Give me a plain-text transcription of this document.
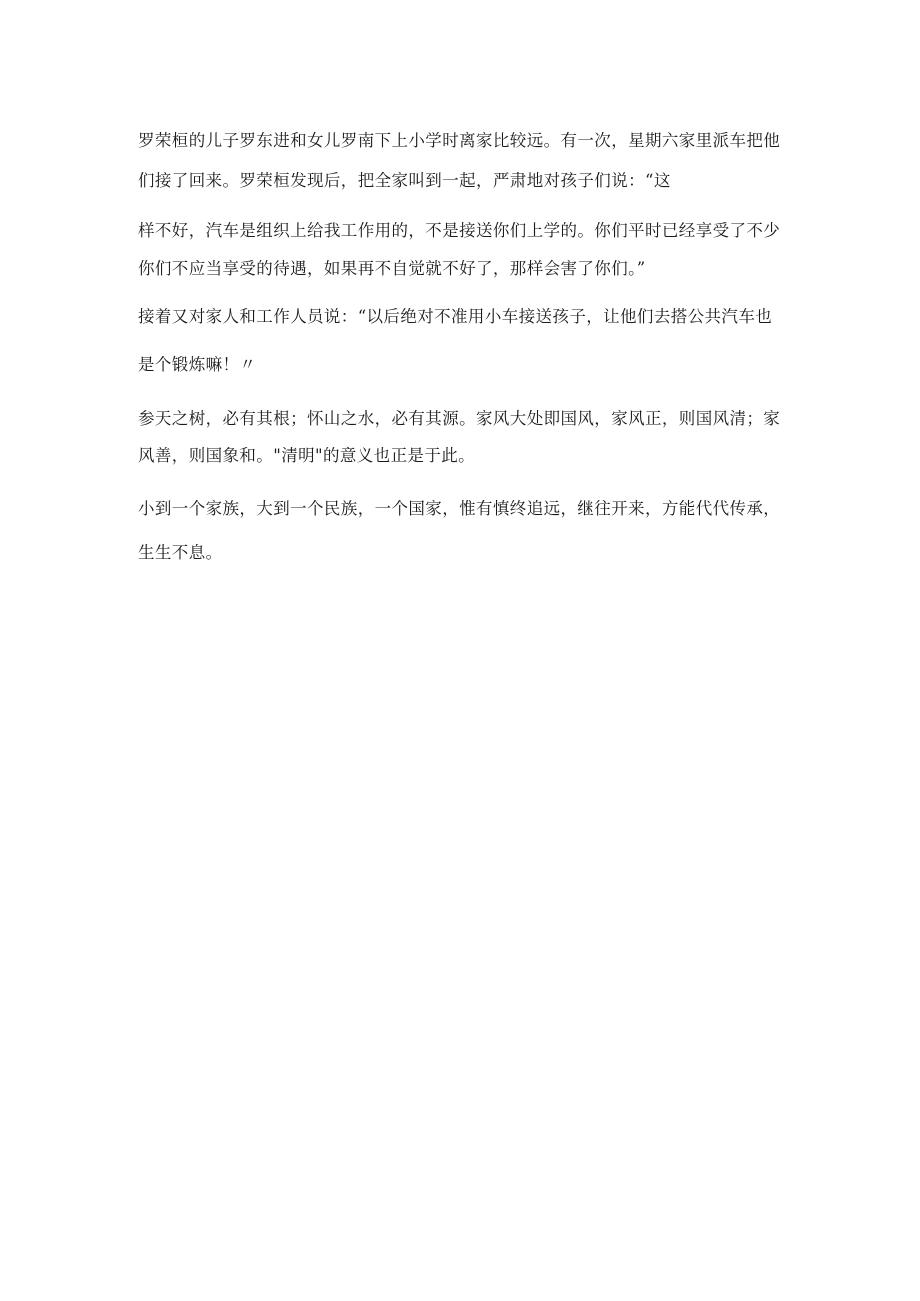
罗荣桓的儿子罗东进和女儿罗南下上小学时离家比较远。有一次，星期六家里派车把他
们接了回来。罗荣桓发现后，把全家叫到一起，严肃地对孩子们说：“这
样不好，汽车是组织上给我工作用的，不是接送你们上学的。你们平时已经享受了不少
你们不应当享受的待遇，如果再不自觉就不好了，那样会害了你们。”
接着又对家人和工作人员说：“以后绝对不准用小车接送孩子，让他们去搭公共汽车也
是个锻炼嘛！〃
参天之树，必有其根；怀山之水，必有其源。家风大处即国风，家风正，则国风清；家
风善，则国象和。"清明"的意义也正是于此。
小到一个家族，大到一个民族，一个国家，惟有慎终追远，继往开来，方能代代传承，
生生不息。
